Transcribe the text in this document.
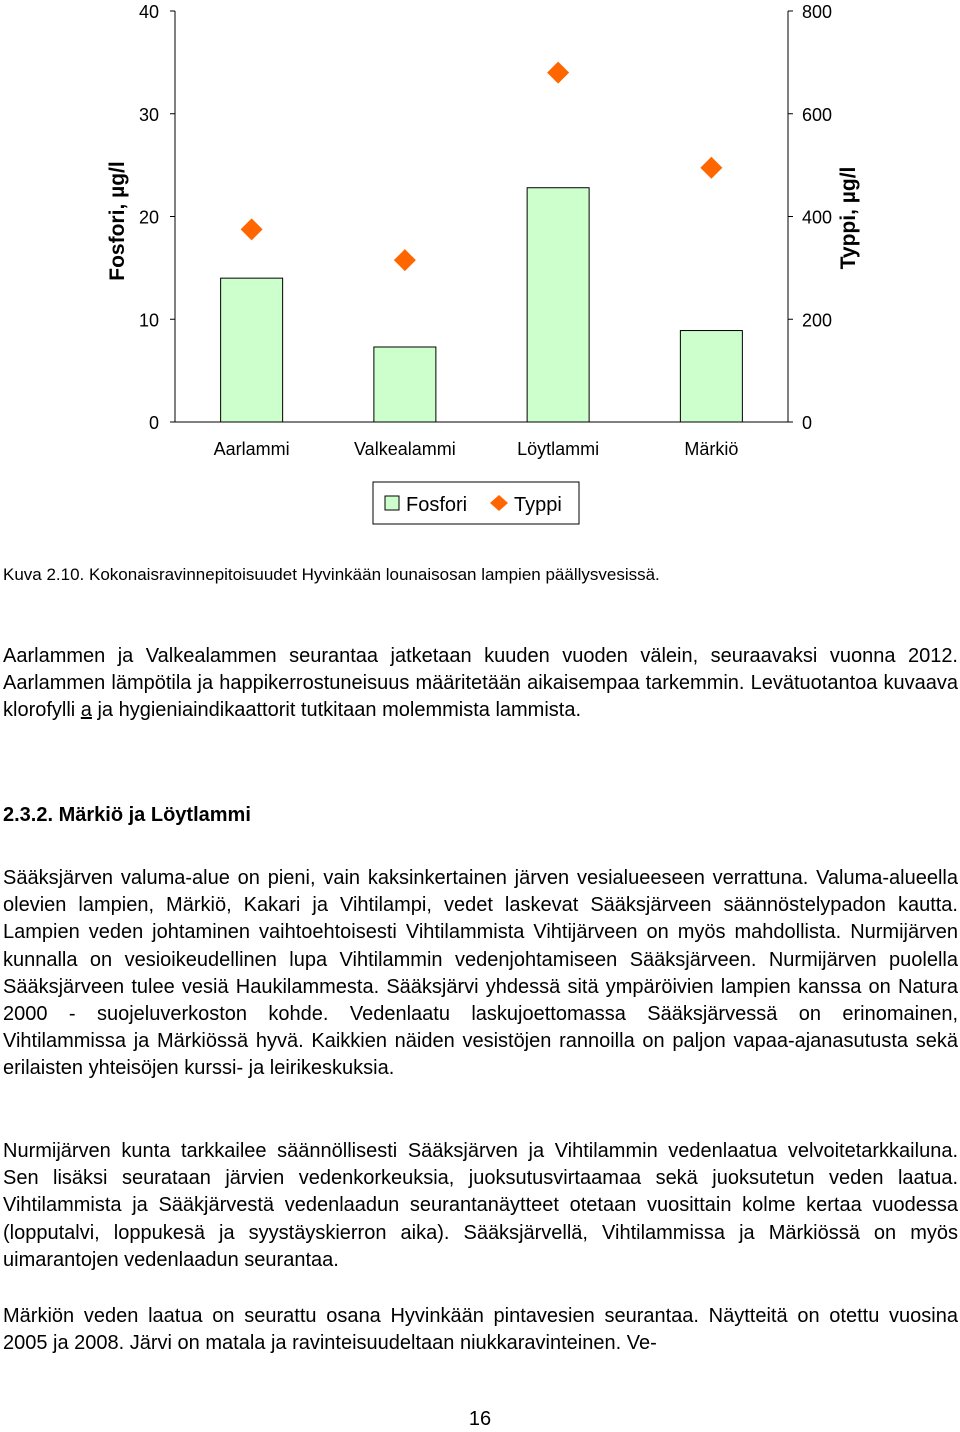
0
10
20
30
40
0
200
400
600
800
Aarlammi	Valkealammi	Löytlammi	Märkiö
Fosfori, µg/l	Typpi, µg/l
Fosfori Typpi
Kuva 2.10. Kokonaisravinnepitoisuudet Hyvinkään lounaisosan lampien päällysvesissä.

Aarlammen ja Valkealammen seurantaa jatketaan kuuden vuoden välein, seuraavaksi vuonna 2012. Aarlammen lämpötila ja happikerrostuneisuus määritetään aikaisempaa tarkemmin. Levätuotantoa kuvaava klorofylli a ja hygieniaindikaattorit tutkitaan molemmista lammista.

2.3.2. Märkiö ja Löytlammi

Sääksjärven valuma-alue on pieni, vain kaksinkertainen järven vesialueeseen verrattuna. Valuma-alueella olevien lampien, Märkiö, Kakari ja Vihtilampi, vedet laskevat Sääksjärveen säännöstelypadon kautta. Lampien veden johtaminen vaihtoehtoisesti Vihtilammista Vihtijärveen on myös mahdollista. Nurmijärven kunnalla on vesioikeudellinen lupa Vihtilammin vedenjohtamiseen Sääksjärveen. Nurmijärven puolella Sääksjärveen tulee vesiä Haukilammesta. Sääksjärvi yhdessä sitä ympäröivien lampien kanssa on Natura 2000 - suojeluverkoston kohde. Vedenlaatu laskujoettomassa Sääksjärvessä on erinomainen, Vihtilammissa ja Märkiössä hyvä. Kaikkien näiden vesistöjen rannoilla on paljon vapaa-ajanasutusta sekä erilaisten yhteisöjen kurssi- ja leirikeskuksia.

Nurmijärven kunta tarkkailee säännöllisesti Sääksjärven ja Vihtilammin vedenlaatua velvoitetarkkailuna. Sen lisäksi seurataan järvien vedenkorkeuksia, juoksutusvirtaamaa sekä juoksutetun veden laatua. Vihtilammista ja Sääkjärvestä vedenlaadun seurantanäytteet otetaan vuosittain kolme kertaa vuodessa (lopputalvi, loppukesä ja syystäyskierron aika). Sääksjärvellä, Vihtilammissa ja Märkiössä on myös uimarantojen vedenlaadun seurantaa.

Märkiön veden laatua on seurattu osana Hyvinkään pintavesien seurantaa. Näytteitä on otettu vuosina 2005 ja 2008. Järvi on matala ja ravinteisuudeltaan niukkaravinteinen. Ve-

16
